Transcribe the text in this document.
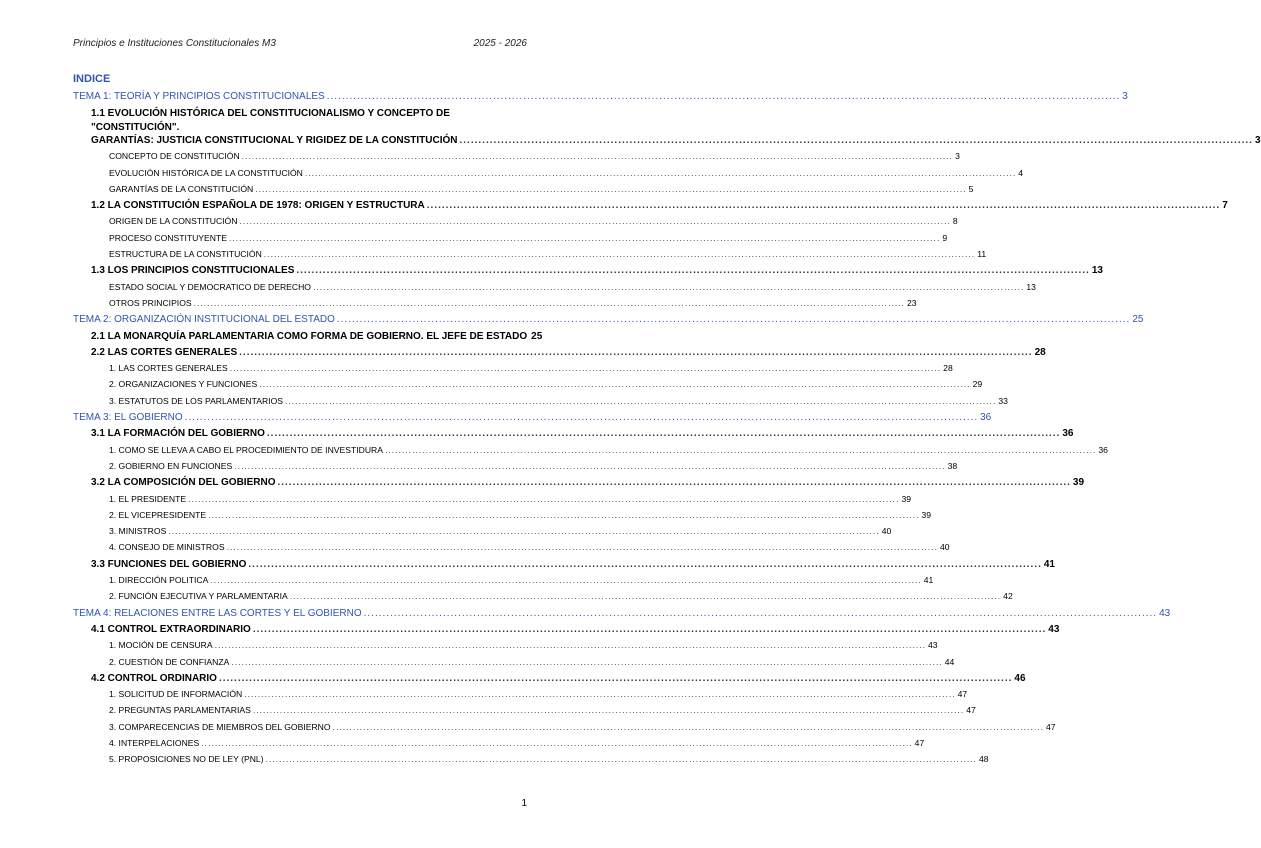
Principios e Instituciones Constitucionales M3	2025 - 2026
INDICE
TEMA 1: TEORÍA Y PRINCIPIOS CONSTITUCIONALES .....	3
1.1 EVOLUCIÓN HISTÓRICA DEL CONSTITUCIONALISMO Y CONCEPTO DE "CONSTITUCIÓN".
GARANTÍAS: JUSTICIA CONSTITUCIONAL Y RIGIDEZ DE LA CONSTITUCIÓN .....	3
CONCEPTO DE CONSTITUCIÓN .....	3
EVOLUCIÓN HISTÓRICA DE LA CONSTITUCIÓN .....	4
GARANTÍAS DE LA CONSTITUCIÓN .....	5
1.2 LA CONSTITUCIÓN ESPAÑOLA DE 1978: ORIGEN Y ESTRUCTURA .....	7
ORIGEN DE LA CONSTITUCIÓN .....	8
PROCESO CONSTITUYENTE .....	9
ESTRUCTURA DE LA CONSTITUCIÓN .....	11
1.3 LOS PRINCIPIOS CONSTITUCIONALES .....	13
ESTADO SOCIAL Y DEMOCRATICO DE DERECHO .....	13
OTROS PRINCIPIOS .....	23
TEMA 2: ORGANIZACIÓN INSTITUCIONAL DEL ESTADO .....	25
2.1 LA MONARQUÍA PARLAMENTARIA COMO FORMA DE GOBIERNO. EL JEFE DE ESTADO 25
2.2 LAS CORTES GENERALES .....	28
1. LAS CORTES GENERALES .....	28
2. ORGANIZACIONES Y FUNCIONES .....	29
3. ESTATUTOS DE LOS PARLAMENTARIOS .....	33
TEMA 3: EL GOBIERNO .....	36
3.1 LA FORMACIÓN DEL GOBIERNO .....	36
1. COMO SE LLEVA A CABO EL PROCEDIMIENTO DE INVESTIDURA .....	36
2. GOBIERNO EN FUNCIONES .....	38
3.2 LA COMPOSICIÓN DEL GOBIERNO .....	39
1. EL PRESIDENTE .....	39
2. EL VICEPRESIDENTE .....	39
3. MINISTROS .....	40
4. CONSEJO DE MINISTROS .....	40
3.3 FUNCIONES DEL GOBIERNO .....	41
1. DIRECCIÓN POLITICA .....	41
2. FUNCIÓN EJECUTIVA Y PARLAMENTARIA .....	42
TEMA 4: RELACIONES ENTRE LAS CORTES Y EL GOBIERNO .....	43
4.1 CONTROL EXTRAORDINARIO .....	43
1. MOCIÓN DE CENSURA .....	43
2. CUESTIÓN DE CONFIANZA .....	44
4.2 CONTROL ORDINARIO .....	46
1. SOLICITUD DE INFORMACIÓN .....	47
2. PREGUNTAS PARLAMENTARIAS .....	47
3. COMPARECENCIAS DE MIEMBROS DEL GOBIERNO .....	47
4. INTERPELACIONES .....	47
5. PROPOSICIONES NO DE LEY (PNL) .....	48
1
